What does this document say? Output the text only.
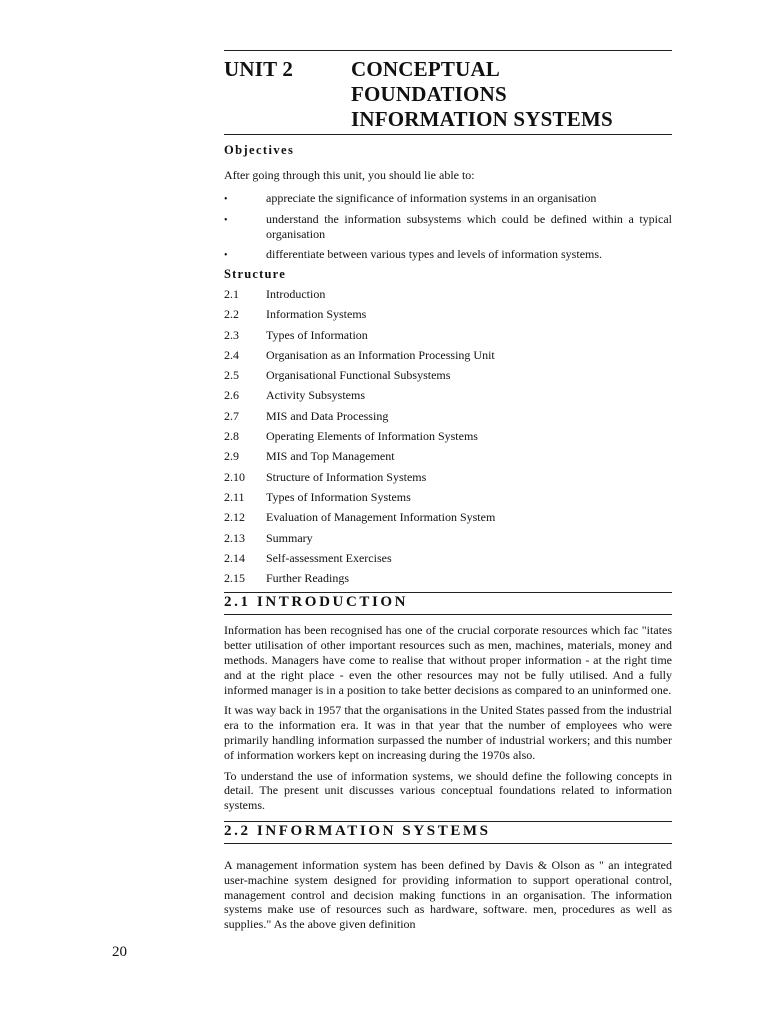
UNIT 2	CONCEPTUAL
FOUNDATIONS
INFORMATION SYSTEMS
Objectives
After going through this unit, you should lie able to:
•	appreciate the significance of information systems in an organisation
•	understand the information subsystems which could be defined within a typical organisation
•	differentiate between various types and levels of information systems.
Structure
2.1	Introduction
2.2	Information Systems
2.3	Types of Information
2.4	Organisation as an Information Processing Unit
2.5	Organisational Functional Subsystems
2.6	Activity Subsystems
2.7	MIS and Data Processing
2.8	Operating Elements of Information Systems
2.9	MIS and Top Management
2.10	Structure of Information Systems
2.11	Types of Information Systems
2.12	Evaluation of Management Information System
2.13	Summary
2.14	Self-assessment Exercises
2.15	Further Readings
2.1 INTRODUCTION
Information has been recognised has one of the crucial corporate resources which fac "itates better utilisation of other important resources such as men, machines, materials, money and methods. Managers have come to realise that without proper information - at the right time and at the right place - even the other resources may not be fully utilised. And a fully informed manager is in a position to take better decisions as compared to an uninformed one.
It was way back in 1957 that the organisations in the United States passed from the industrial era to the information era. It was in that year that the number of employees who were primarily handling information surpassed the number of industrial workers; and this number of information workers kept on increasing during the 1970s also.
To understand the use of information systems, we should define the following concepts in detail. The present unit discusses various conceptual foundations related to information systems.
2.2 INFORMATION SYSTEMS
A management information system has been defined by Davis & Olson as " an integrated user-machine system designed for providing information to support operational control, management control and decision making functions in an organisation. The information systems make use of resources such as hardware, software. men, procedures as well as supplies." As the above given definition
20
